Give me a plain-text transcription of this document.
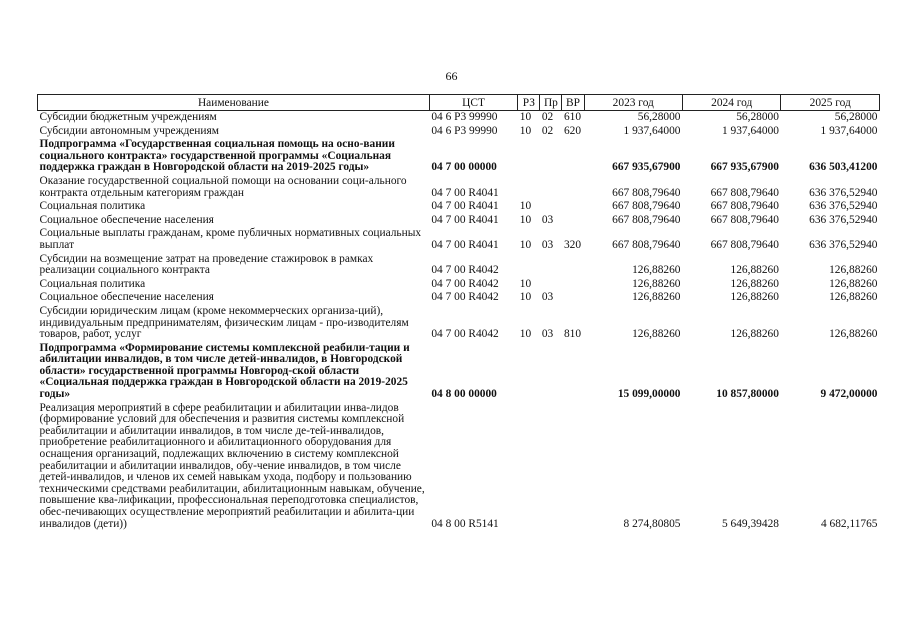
66
Наименование	ЦСТ	РЗ	Пр	ВР	2023 год	2024 год	2025 год
Субсидии бюджетным учреждениям	04 6 Р3 99990	10	02	610	56,28000	56,28000	56,28000
Субсидии автономным учреждениям	04 6 Р3 99990	10	02	620	1 937,64000	1 937,64000	1 937,64000
Подпрограмма «Государственная социальная помощь на осно-вании социального контракта» государственной программы «Социальная поддержка граждан в Новгородской области на 2019-2025 годы»	04 7 00 00000				667 935,67900	667 935,67900	636 503,41200
Оказание государственной социальной помощи на основании соци-ального контракта отдельным категориям граждан	04 7 00 R4041				667 808,79640	667 808,79640	636 376,52940
Социальная политика	04 7 00 R4041	10			667 808,79640	667 808,79640	636 376,52940
Социальное обеспечение населения	04 7 00 R4041	10	03		667 808,79640	667 808,79640	636 376,52940
Социальные выплаты гражданам, кроме публичных нормативных социальных выплат	04 7 00 R4041	10	03	320	667 808,79640	667 808,79640	636 376,52940
Субсидии на возмещение затрат на проведение стажировок в рамках реализации социального контракта	04 7 00 R4042				126,88260	126,88260	126,88260
Социальная политика	04 7 00 R4042	10			126,88260	126,88260	126,88260
Социальное обеспечение населения	04 7 00 R4042	10	03		126,88260	126,88260	126,88260
Субсидии юридическим лицам (кроме некоммерческих организа-ций), индивидуальным предпринимателям, физическим лицам - про-изводителям товаров, работ, услуг	04 7 00 R4042	10	03	810	126,88260	126,88260	126,88260
Подпрограмма «Формирование системы комплексной реабили-тации и абилитации инвалидов, в том числе детей-инвалидов, в Новгородской области» государственной программы Новгород-ской области «Социальная поддержка граждан в Новгородской области на 2019-2025 годы»	04 8 00 00000				15 099,00000	10 857,80000	9 472,00000
Реализация мероприятий в сфере реабилитации и абилитации инва-лидов (формирование условий для обеспечения и развития системы комплексной реабилитации и абилитации инвалидов, в том числе де-тей-инвалидов, приобретение реабилитационного и абилитационного оборудования для оснащения организаций, подлежащих включению в систему комплексной реабилитации и абилитации инвалидов, обу-чение инвалидов, в том числе детей-инвалидов, и членов их семей навыкам ухода, подбору и пользованию техническими средствами реабилитации, абилитационным навыкам, обучение, повышение ква-лификации, профессиональная переподготовка специалистов, обес-печивающих осуществление мероприятий реабилитации и абилита-ции инвалидов (дети))	04 8 00 R5141				8 274,80805	5 649,39428	4 682,11765
